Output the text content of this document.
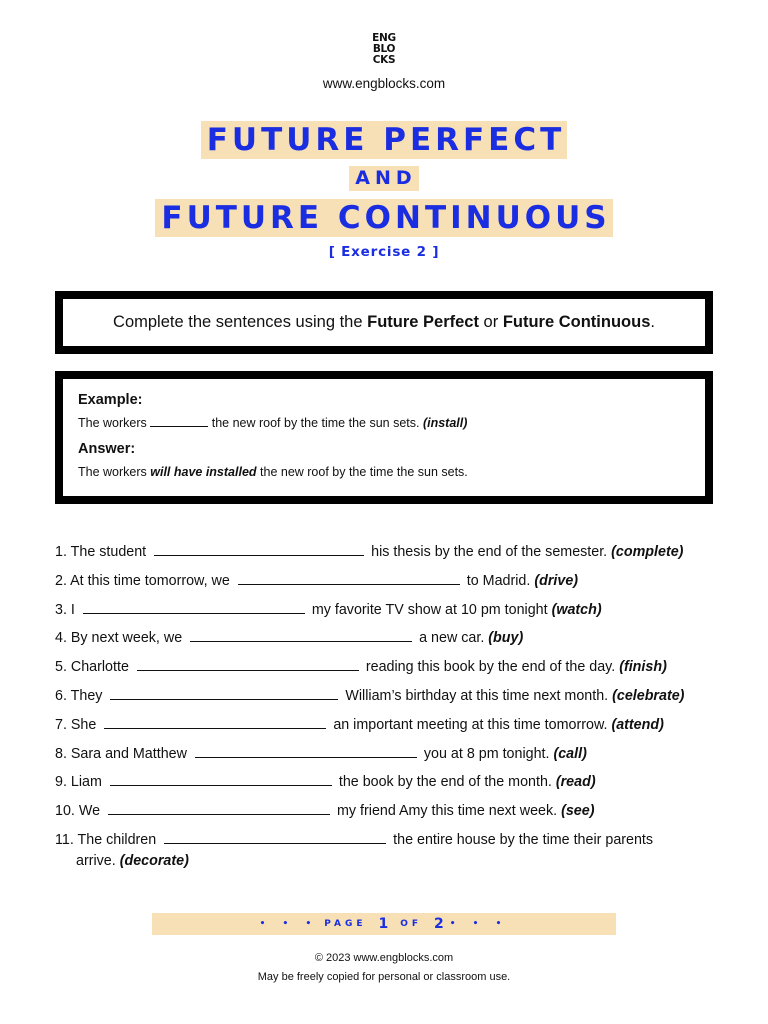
ENG
BLO
CKS
www.engblocks.com
FUTURE PERFECT
AND
FUTURE CONTINUOUS
[ Exercise 2 ]
Complete the sentences using the Future Perfect or Future Continuous.
Example:
The workers	the new roof by the time the sun sets. (install)
Answer:
The workers will have installed the new roof by the time the sun sets.
1. The student	his thesis by the end of the semester. (complete)
2. At this time tomorrow, we	to Madrid. (drive)
3. I	my favorite TV show at 10 pm tonight (watch)
4. By next week, we	a new car. (buy)
5. Charlotte	reading this book by the end of the day. (finish)
6. They	William’s birthday at this time next month. (celebrate)
7. She	an important meeting at this time tomorrow. (attend)
8. Sara and Matthew	you at 8 pm tonight. (call)
9. Liam	the book by the end of the month. (read)
10. We	my friend Amy this time next week. (see)
11. The children	the entire house by the time their parents
arrive. (decorate)
• • • PAGE 1 OF 2 • • •
© 2023 www.engblocks.com
May be freely copied for personal or classroom use.
